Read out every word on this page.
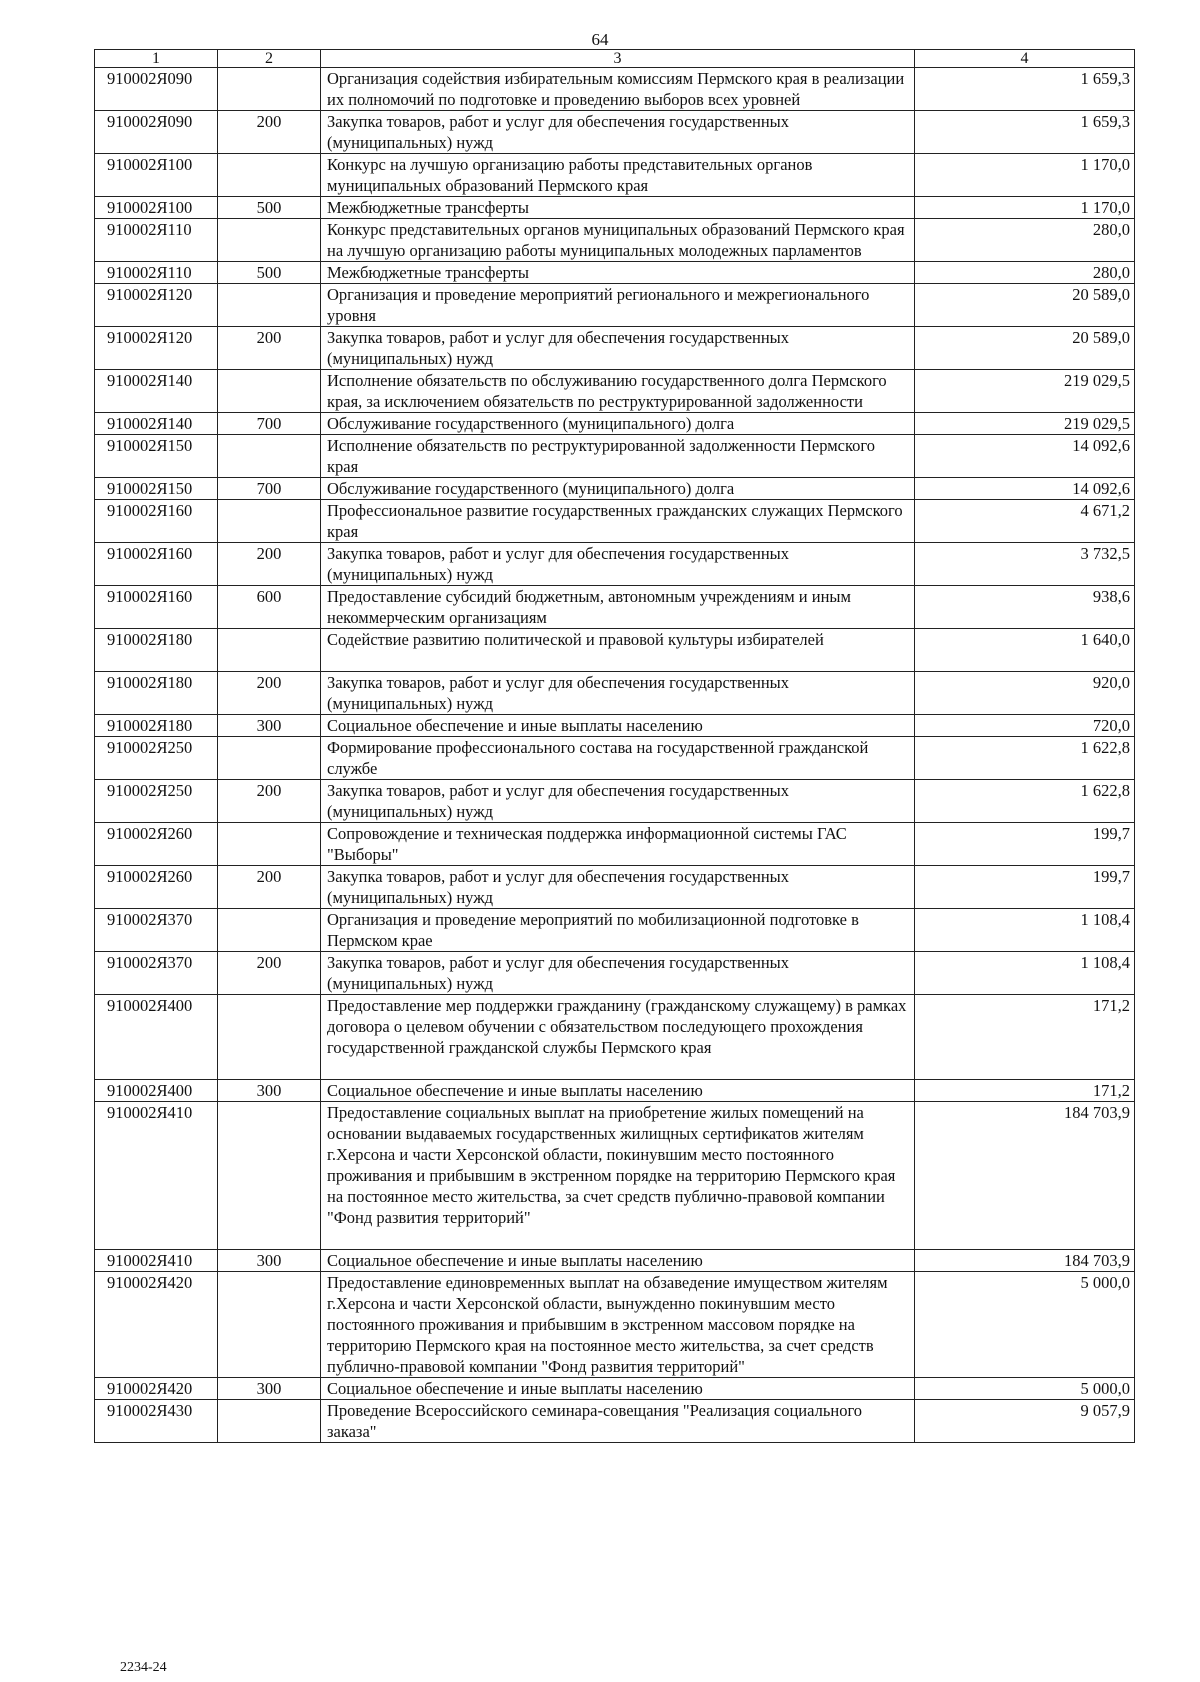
64
1	2	3	4
910002Я090		Организация содействия избирательным комиссиям Пермского края в реализации их полномочий по подготовке и проведению выборов всех уровней	1 659,3
910002Я090	200	Закупка товаров, работ и услуг для обеспечения государственных (муниципальных) нужд	1 659,3
910002Я100		Конкурс на лучшую организацию работы представительных органов муниципальных образований Пермского края	1 170,0
910002Я100	500	Межбюджетные трансферты	1 170,0
910002Я110		Конкурс представительных органов муниципальных образований Пермского края на лучшую организацию работы муниципальных молодежных парламентов	280,0
910002Я110	500	Межбюджетные трансферты	280,0
910002Я120		Организация и проведение мероприятий регионального и межрегионального уровня	20 589,0
910002Я120	200	Закупка товаров, работ и услуг для обеспечения государственных (муниципальных) нужд	20 589,0
910002Я140		Исполнение обязательств по обслуживанию государственного долга Пермского края, за исключением обязательств по реструктурированной задолженности	219 029,5
910002Я140	700	Обслуживание государственного (муниципального) долга	219 029,5
910002Я150		Исполнение обязательств по реструктурированной задолженности Пермского края	14 092,6
910002Я150	700	Обслуживание государственного (муниципального) долга	14 092,6
910002Я160		Профессиональное развитие государственных гражданских служащих Пермского края	4 671,2
910002Я160	200	Закупка товаров, работ и услуг для обеспечения государственных (муниципальных) нужд	3 732,5
910002Я160	600	Предоставление субсидий бюджетным, автономным учреждениям и иным некоммерческим организациям	938,6
910002Я180		Содействие развитию политической и правовой культуры избирателей	1 640,0
910002Я180	200	Закупка товаров, работ и услуг для обеспечения государственных (муниципальных) нужд	920,0
910002Я180	300	Социальное обеспечение и иные выплаты населению	720,0
910002Я250		Формирование профессионального состава на государственной гражданской службе	1 622,8
910002Я250	200	Закупка товаров, работ и услуг для обеспечения государственных (муниципальных) нужд	1 622,8
910002Я260		Сопровождение и техническая поддержка информационной системы ГАС "Выборы"	199,7
910002Я260	200	Закупка товаров, работ и услуг для обеспечения государственных (муниципальных) нужд	199,7
910002Я370		Организация и проведение мероприятий по мобилизационной подготовке в Пермском крае	1 108,4
910002Я370	200	Закупка товаров, работ и услуг для обеспечения государственных (муниципальных) нужд	1 108,4
910002Я400		Предоставление мер поддержки гражданину (гражданскому служащему) в рамках договора о целевом обучении с обязательством последующего прохождения государственной гражданской службы Пермского края	171,2
910002Я400	300	Социальное обеспечение и иные выплаты населению	171,2
910002Я410		Предоставление социальных выплат на приобретение жилых помещений на основании выдаваемых государственных жилищных сертификатов жителям г.Херсона и части Херсонской области, покинувшим место постоянного проживания и прибывшим в экстренном порядке на территорию Пермского края на постоянное место жительства, за счет средств публично-правовой компании "Фонд развития территорий"	184 703,9
910002Я410	300	Социальное обеспечение и иные выплаты населению	184 703,9
910002Я420		Предоставление единовременных выплат на обзаведение имуществом жителям г.Херсона и части Херсонской области, вынужденно покинувшим место постоянного проживания и прибывшим в экстренном массовом порядке на территорию Пермского края на постоянное место жительства, за счет средств публично-правовой компании "Фонд развития территорий"	5 000,0
910002Я420	300	Социальное обеспечение и иные выплаты населению	5 000,0
910002Я430		Проведение Всероссийского семинара-совещания "Реализация социального заказа"	9 057,9
2234-24
